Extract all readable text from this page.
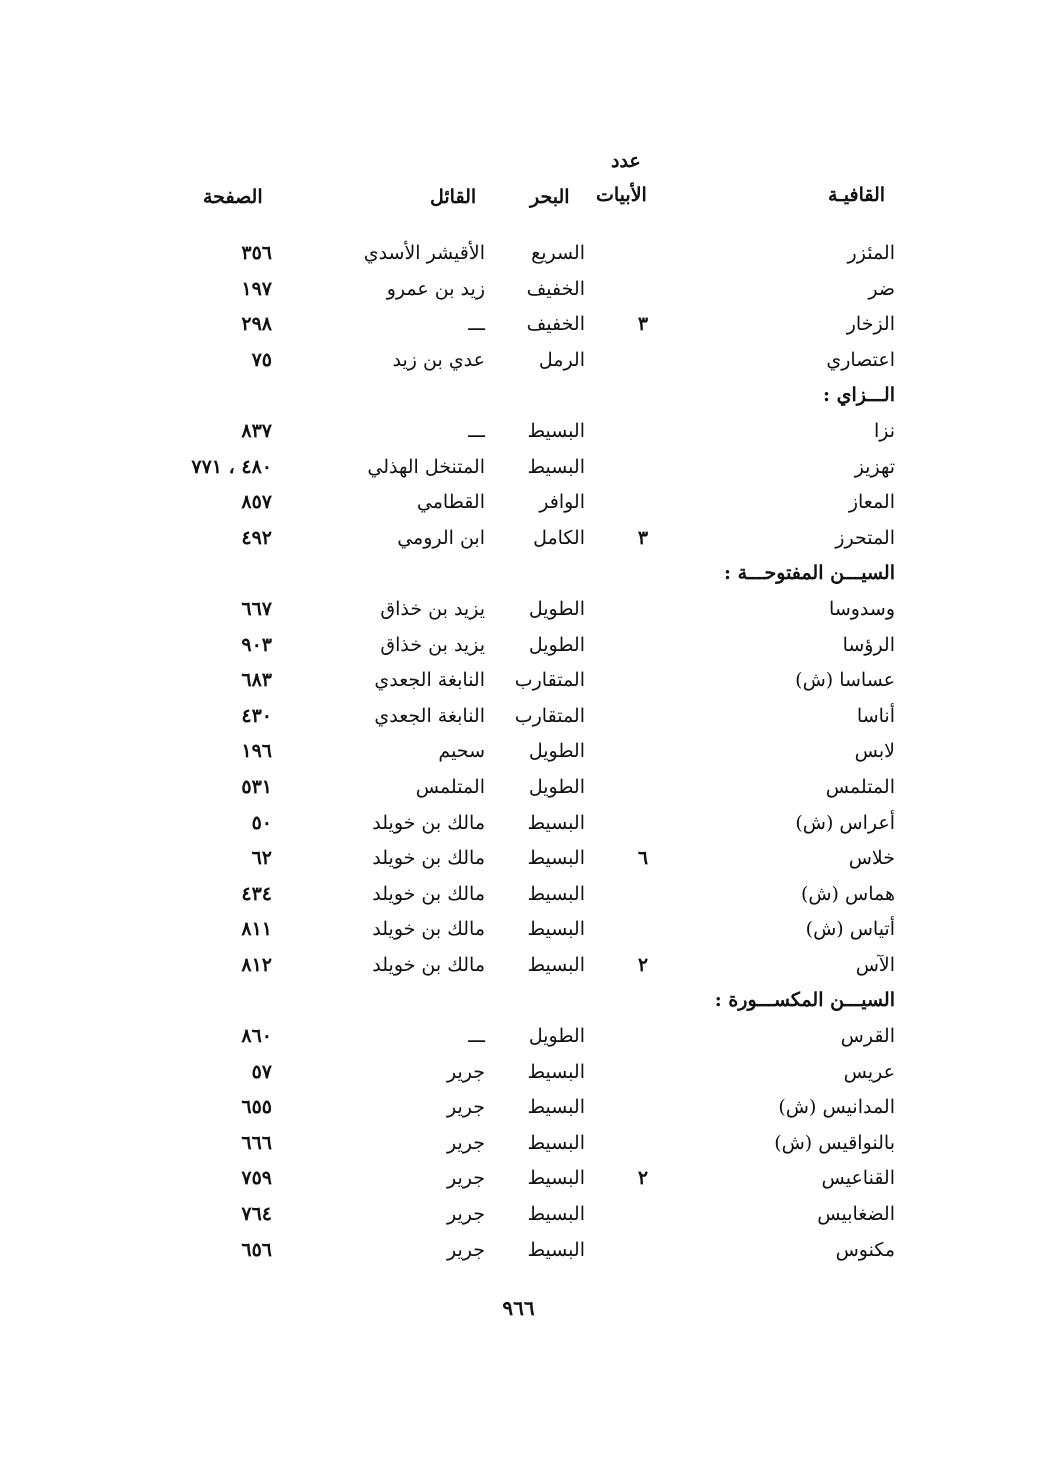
عدد
الأبيات	القافيـة
البحر
القائل
الصفحة
المئزر
السريع
الأقيشر الأسدي
٣٥٦
ضر
الخفيف
زيد بن عمرو
١٩٧
الزخار
٣
الخفيف
ـــ
٢٩٨
اعتصاري
الرمل
عدي بن زيد
٧٥
الـــزاي :
نزا
البسيط
ـــ
٨٣٧
تهزيز
البسيط
المتنخل الهذلي
٤٨٠ ، ٧٧١
المعاز
الوافر
القطامي
٨٥٧
المتحرز
٣
الكامل
ابن الرومي
٤٩٢
السيـــن المفتوحـــة :
وسدوسا
الطويل
يزيد بن خذاق
٦٦٧
الرؤسا
الطويل
يزيد بن خذاق
٩٠٣
عساسا (ش)
المتقارب
النابغة الجعدي
٦٨٣
أناسا
المتقارب
النابغة الجعدي
٤٣٠
لابس
الطويل
سحيم
١٩٦
المتلمس
الطويل
المتلمس
٥٣١
أعراس (ش)
البسيط
مالك بن خويلد
٥٠
خلاس
٦
البسيط
مالك بن خويلد
٦٢
هماس (ش)
البسيط
مالك بن خويلد
٤٣٤
أتياس (ش)
البسيط
مالك بن خويلد
٨١١
الآس
٢
البسيط
مالك بن خويلد
٨١٢
السيـــن المكســـورة :
القرس
الطويل
ـــ
٨٦٠
عريس
البسيط
جرير
٥٧
المدانيس (ش)
البسيط
جرير
٦٥٥
بالنواقيس (ش)
البسيط
جرير
٦٦٦
القناعيس
٢
البسيط
جرير
٧٥٩
الضغابيس
البسيط
جرير
٧٦٤
مكنوس
البسيط
جرير
٦٥٦
٩٦٦
